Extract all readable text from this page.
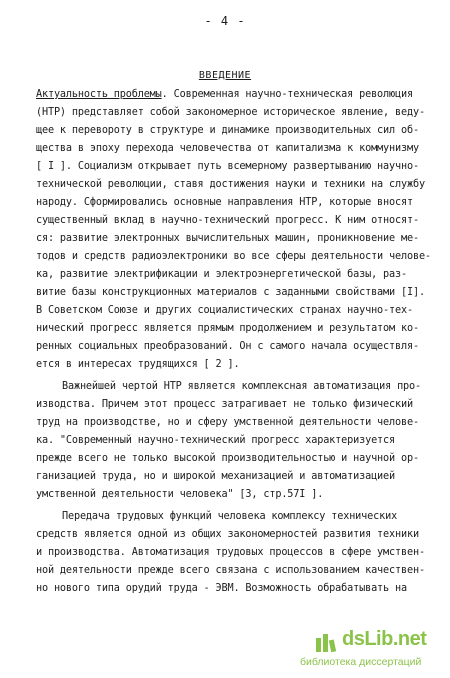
- 4 -
ВВЕДЕНИЕ
Актуальность проблемы. Современная научно-техническая революция
(НТР) представляет собой закономерное историческое явление, веду-
щее к перевороту в структуре и динамике производительных сил об-
щества в эпоху перехода человечества от капитализма к коммунизму
[ I ]. Социализм открывает путь всемерному развертыванию научно-
технической революции, ставя достижения науки и техники на службу
народу. Сформировались основные направления НТР, которые вносят
существенный вклад в научно-технический прогресс. К ним относят-
ся: развитие электронных вычислительных машин, проникновение ме-
тодов и средств радиоэлектроники во все сферы деятельности челове-
ка, развитие электрификации и электроэнергетической базы, раз-
витие базы конструкционных материалов с заданными свойствами [I].
В Советском Союзе и других социалистических странах научно-тех-
нический прогресс является прямым продолжением и результатом ко-
ренных социальных преобразований. Он с самого начала осуществля-
ется в интересах трудящихся [ 2 ].
Важнейшей чертой НТР является комплексная автоматизация про-
изводства. Причем этот процесс затрагивает не только физический
труд на производстве, но и сферу умственной деятельности челове-
ка. "Современный научно-технический прогресс характеризуется
прежде всего не только высокой производительностью и научной ор-
ганизацией труда, но и широкой механизацией и автоматизацией
умственной деятельности человека" [3, стр.57I ].
Передача трудовых функций человека комплексу технических
средств является одной из общих закономерностей развития техники
и производства. Автоматизация трудовых процессов в сфере умствен-
ной деятельности прежде всего связана с использованием качествен-
но нового типа орудий труда - ЭВМ. Возможность обрабатывать на
dsLib.net
библиотека диссертаций
